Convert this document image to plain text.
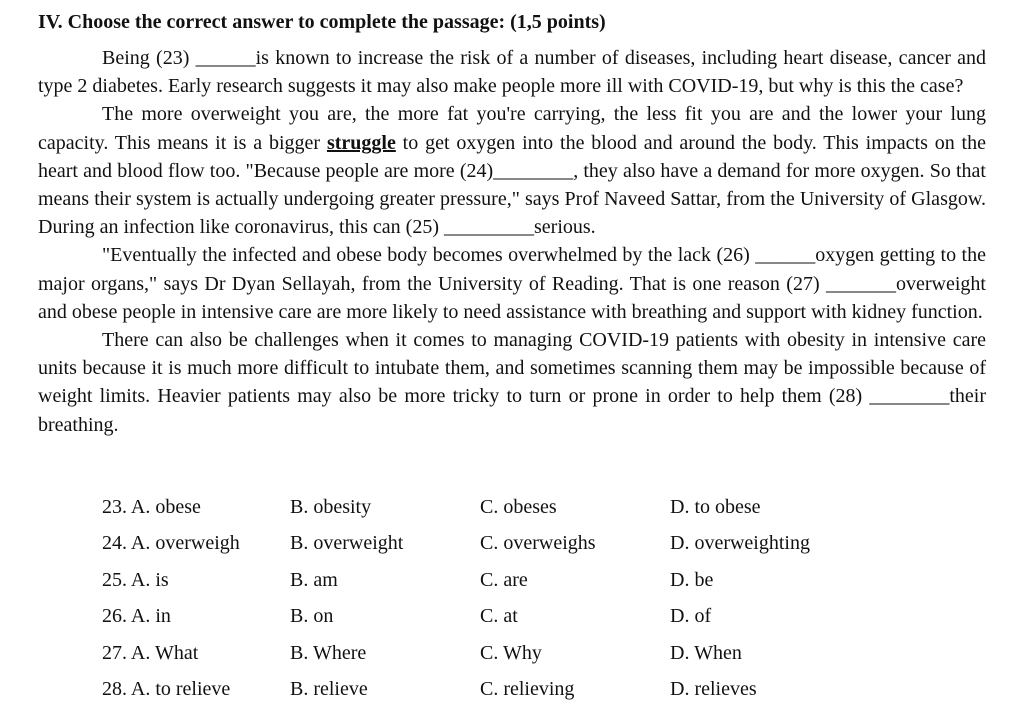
IV. Choose the correct answer to complete the passage: (1,5 points)

Being (23) ______is known to increase the risk of a number of diseases, including heart disease, cancer and type 2 diabetes. Early research suggests it may also make people more ill with COVID-19, but why is this the case?

The more overweight you are, the more fat you're carrying, the less fit you are and the lower your lung capacity. This means it is a bigger struggle to get oxygen into the blood and around the body. This impacts on the heart and blood flow too. "Because people are more (24)________, they also have a demand for more oxygen. So that means their system is actually undergoing greater pressure," says Prof Naveed Sattar, from the University of Glasgow. During an infection like coronavirus, this can (25) _________serious.

"Eventually the infected and obese body becomes overwhelmed by the lack (26) ______oxygen getting to the major organs," says Dr Dyan Sellayah, from the University of Reading. That is one reason (27) _______overweight and obese people in intensive care are more likely to need assistance with breathing and support with kidney function.

There can also be challenges when it comes to managing COVID-19 patients with obesity in intensive care units because it is much more difficult to intubate them, and sometimes scanning them may be impossible because of weight limits. Heavier patients may also be more tricky to turn or prone in order to help them (28) ________their breathing.

23. A. obese	B. obesity	C. obeses	D. to obese
24. A. overweigh	B. overweight	C. overweighs	D. overweighting
25. A. is	B. am	C. are	D. be
26. A. in	B. on	C. at	D. of
27. A. What	B. Where	C. Why	D. When
28. A. to relieve	B. relieve	C. relieving	D. relieves
